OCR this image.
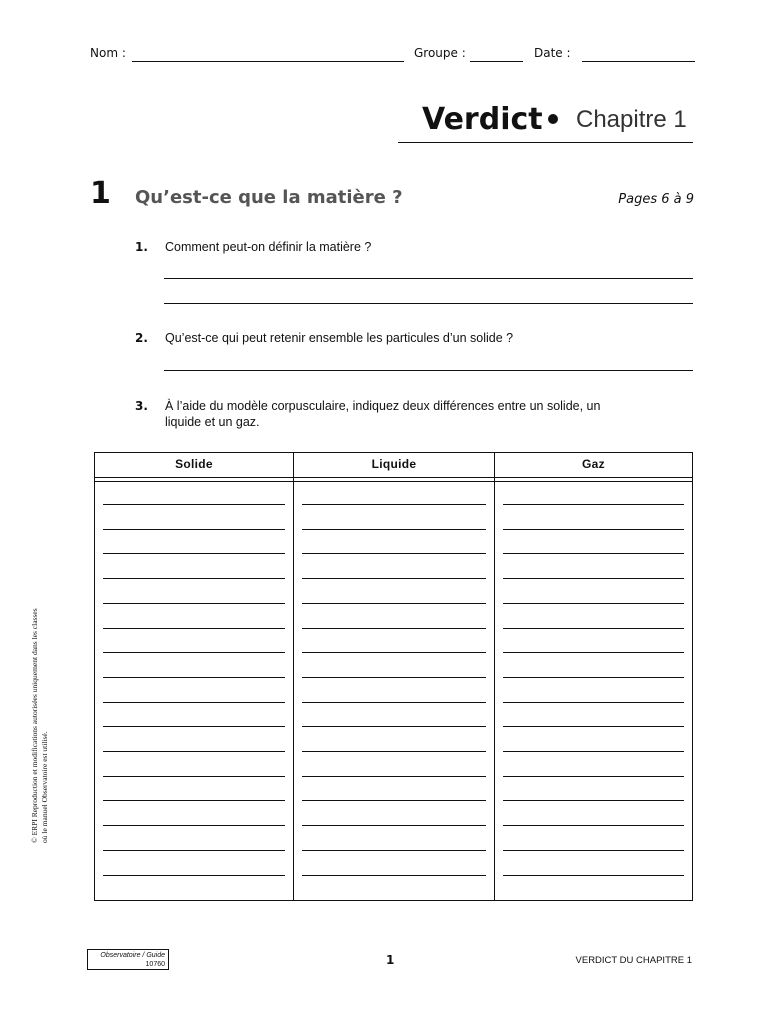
Nom :	Groupe :	Date :
Verdict Chapitre 1
1 Qu’est-ce que la matière ?	Pages 6 à 9
1. Comment peut-on définir la matière ?
2. Qu’est-ce qui peut retenir ensemble les particules d’un solide ?
3. À l’aide du modèle corpusculaire, indiquez deux différences entre un solide, un liquide et un gaz.
Solide	Liquide	Gaz
© ERPI Reproduction et modifications autorisées uniquement dans les classes où le manuel Observatoire est utilisé.
Observatoire / Guide
10760	1	VERDICT DU CHAPITRE 1
